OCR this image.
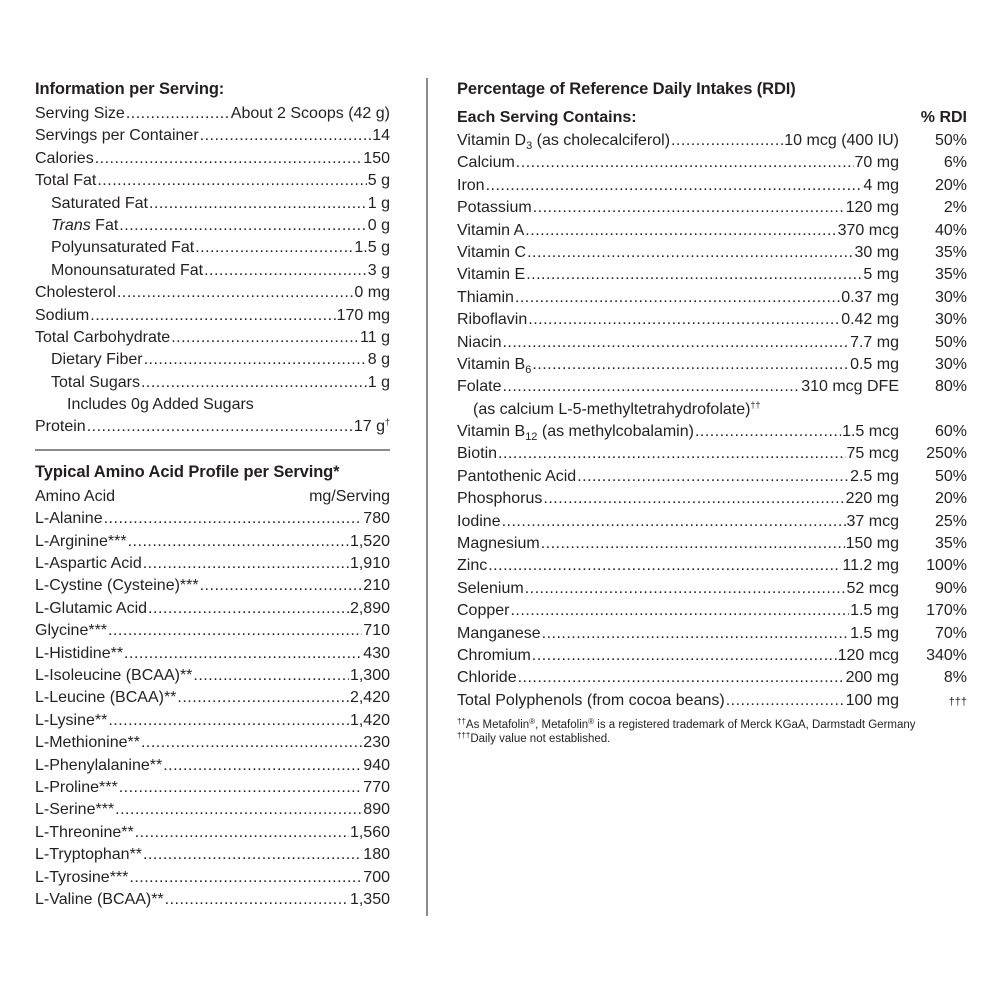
Information per Serving:
Serving Size .....	About 2 Scoops (42 g)
Servings per Container .....	14
Calories .....	150
Total Fat .....	5 g
Saturated Fat .....	1 g
Trans Fat .....	0 g
Polyunsaturated Fat .....	1.5 g
Monounsaturated Fat .....	3 g
Cholesterol .....	0 mg
Sodium .....	170 mg
Total Carbohydrate .....	11 g
Dietary Fiber .....	8 g
Total Sugars .....	1 g
Includes 0g Added Sugars
Protein .....	17 g†
Typical Amino Acid Profile per Serving*
Amino Acid	mg/Serving
L-Alanine .....	780
L-Arginine*** .....	1,520
L-Aspartic Acid .....	1,910
L-Cystine (Cysteine)*** .....	210
L-Glutamic Acid .....	2,890
Glycine*** .....	710
L-Histidine** .....	430
L-Isoleucine (BCAA)** .....	1,300
L-Leucine (BCAA)** .....	2,420
L-Lysine** .....	1,420
L-Methionine** .....	230
L-Phenylalanine** .....	940
L-Proline*** .....	770
L-Serine*** .....	890
L-Threonine** .....	1,560
L-Tryptophan** .....	180
L-Tyrosine*** .....	700
L-Valine (BCAA)** .....	1,350
Percentage of Reference Daily Intakes (RDI)
Each Serving Contains:	% RDI
Vitamin $D_3$ (as cholecalciferol) .....	10 mcg (400 IU)	50%
Calcium .....	70 mg	6%
Iron .....	4 mg	20%
Potassium .....	120 mg	2%
Vitamin A .....	370 mcg	40%
Vitamin C .....	30 mg	35%
Vitamin E .....	5 mg	35%
Thiamin .....	0.37 mg	30%
Riboflavin .....	0.42 mg	30%
Niacin .....	7.7 mg	50%
Vitamin $B_6$ .....	0.5 mg	30%
Folate .....	310 mcg DFE	80%
(as calcium L-5-methyltetrahydrofolate)††
Vitamin $B_{12}$ (as methylcobalamin) .....	1.5 mcg	60%
Biotin .....	75 mcg	250%
Pantothenic Acid .....	2.5 mg	50%
Phosphorus .....	220 mg	20%
Iodine .....	37 mcg	25%
Magnesium .....	150 mg	35%
Zinc .....	11.2 mg	100%
Selenium .....	52 mcg	90%
Copper .....	1.5 mg	170%
Manganese .....	1.5 mg	70%
Chromium .....	120 mcg	340%
Chloride .....	200 mg	8%
Total Polyphenols (from cocoa beans) .....	100 mg	†††
††As Metafolin®, Metafolin® is a registered trademark of Merck KGaA, Darmstadt Germany
†††Daily value not established.
